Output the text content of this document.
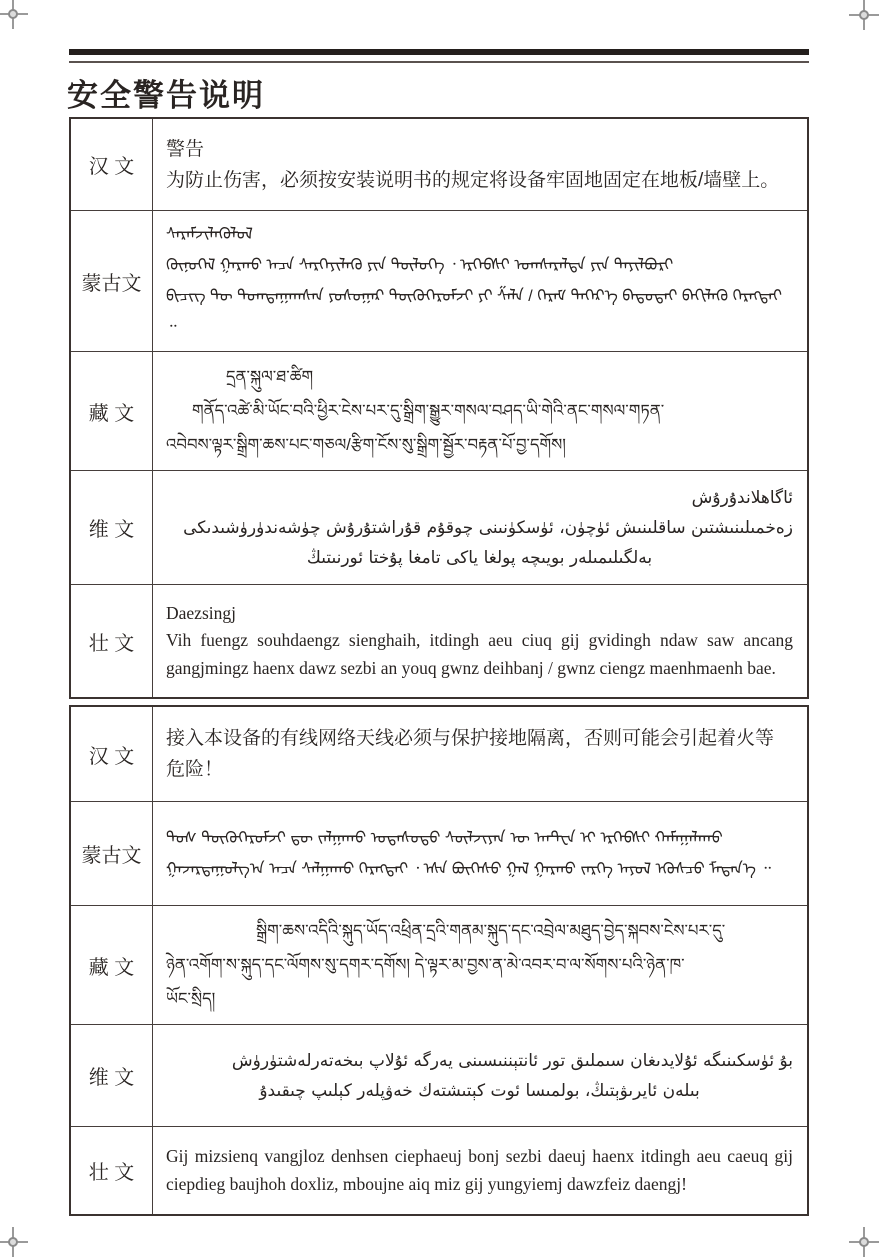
安全警告说明
汉 文
警告
为防止伤害，必须按安装说明书的规定将设备牢固地固定在地板/墙壁上。
蒙古文
ᠰᠡᠷᠡᠮᠵᠢᠯᠡᠭᠦᠯᠦᠯ
ᠬᠥᠨᠥᠭᠡᠯ ᠭᠠᠷᠬᠤ ᠠᠴᠠ ᠰᠡᠷᠭᠡᠶᠢᠯᠡᠬᠦ ᠶᠢᠨ ᠲᠥᠯᠥᠭᠡ ᠂ ᠡᠷᠬᠡᠪᠰᠢ ᠤᠭᠰᠠᠷᠠᠯᠲᠠ ᠶᠢᠨ ᠲᠠᠶᠢᠯᠪᠤᠷᠢ
ᠪᠢᠴᠢᠭ ᠲᠦ ᠲᠣᠭᠲᠠᠭᠠᠭᠰᠠᠨ ᠶᠣᠰᠣᠭᠠᠷ ᠲᠥᠬᠥᠭᠡᠷᠦᠮᠵᠢ ᠶᠢ ᠱᠠᠯᠠ / ᠬᠡᠷᠡᠮ ᠳᠡᠭᠡᠷ᠎ᠡ ᠪᠠᠲᠤᠲᠠᠢ ᠪᠡᠬᠢᠯᠡᠬᠦ ᠬᠡᠷᠡᠭᠲᠡᠢ ᠃
藏 文
དྲན་སྐུལ་ཐ་ཚིག
གནོད་འཚེ་མི་ཡོང་བའི་ཕྱིར་ངེས་པར་དུ་སྒྲིག་སྒྱུར་གསལ་བཤད་ཡི་གེའི་ནང་གསལ་གཏན་
འབེབས་ལྟར་སྒྲིག་ཆས་པང་གཅལ/རྩིག་ངོས་སུ་སྒྲིག་སྦྱོར་བརྟན་པོ་བྱ་དགོས།
维 文
ئاگاھلاندۇرۇش
زەخمىلىنىشتىن ساقلىنىش ئۈچۈن، ئۈسكۈنىنى چوقۇم قۇراشتۇرۇش چۈشەندۈرۈشىدىكى
بەلگىلىمىلەر بويىچە پولغا ياكى تامغا پۇختا ئورنىتىڭ
壮 文
Daezsingj
Vih fuengz souhdaengz sienghaih, itdingh aeu ciuq gij gvidingh ndaw saw ancang gangjmingz haenx dawz sezbi an youq gwnz deihbanj / gwnz ciengz maenhmaenh bae.
汉 文
接入本设备的有线网络天线必须与保护接地隔离，否则可能会引起着火等
危险！
蒙古文
ᠲᠤᠰ ᠲᠥᠬᠥᠭᠡᠷᠦᠮᠵᠢ ᠳᠦ ᠵᠠᠯᠭᠠᠬᠤ ᠤᠲᠠᠰᠤᠲᠤ ᠰᠦᠯᠵᠢᠶᠡᠨ ᠦ ᠠᠨᠲ᠋ᠧᠨ ᠢ ᠡᠷᠬᠡᠪᠰᠢ ᠬᠠᠮᠠᠭᠠᠯᠠᠬᠤ
ᠭᠠᠵᠠᠷᠳᠠᠭᠤᠯᠭ᠎ᠠ ᠠᠴᠠ ᠰᠠᠯᠭᠠᠬᠤ ᠬᠡᠷᠡᠭᠲᠡᠢ ᠂ ᠡᠰᠡ ᠪᠥᠭᠡᠰᠦ ᠭᠠᠯ ᠭᠠᠷᠬᠤ ᠵᠡᠷᠭᠡ ᠠᠶᠤᠯ ᠡᠭᠦᠰᠴᠦ ᠮᠡᠳᠡᠨ᠎ᠡ ᠃
藏 文
སྒྲིག་ཆས་འདིའི་སྐུད་ཡོད་འཕྲིན་དྲའི་གནམ་སྐུད་དང་འབྲེལ་མཐུད་བྱེད་སྐབས་ངེས་པར་དུ་
ཉེན་འགོག་ས་སྐུད་དང་ལོགས་སུ་དགར་དགོས། དེ་ལྟར་མ་བྱས་ན་མེ་འབར་བ་ལ་སོགས་པའི་ཉེན་ཁ་
ཡོང་སྲིད།
维 文
بۇ ئۈسكىنىگە ئۇلايدىغان سىملىق تور ئانتېننىسىنى يەرگە ئۇلاپ بىخەتەرلەشتۈرۈش
بىلەن ئايرىۋېتىڭ، بولمىسا ئوت كېتىشتەك خەۋپلەر كېلىپ چىقىدۇ
壮 文
Gij mizsienq vangjloz denhsen ciephaeuj bonj sezbi daeuj haenx itdingh aeu caeuq gij ciepdieg baujhoh doxliz, mboujne aiq miz gij yungyiemj dawzfeiz daengj!
